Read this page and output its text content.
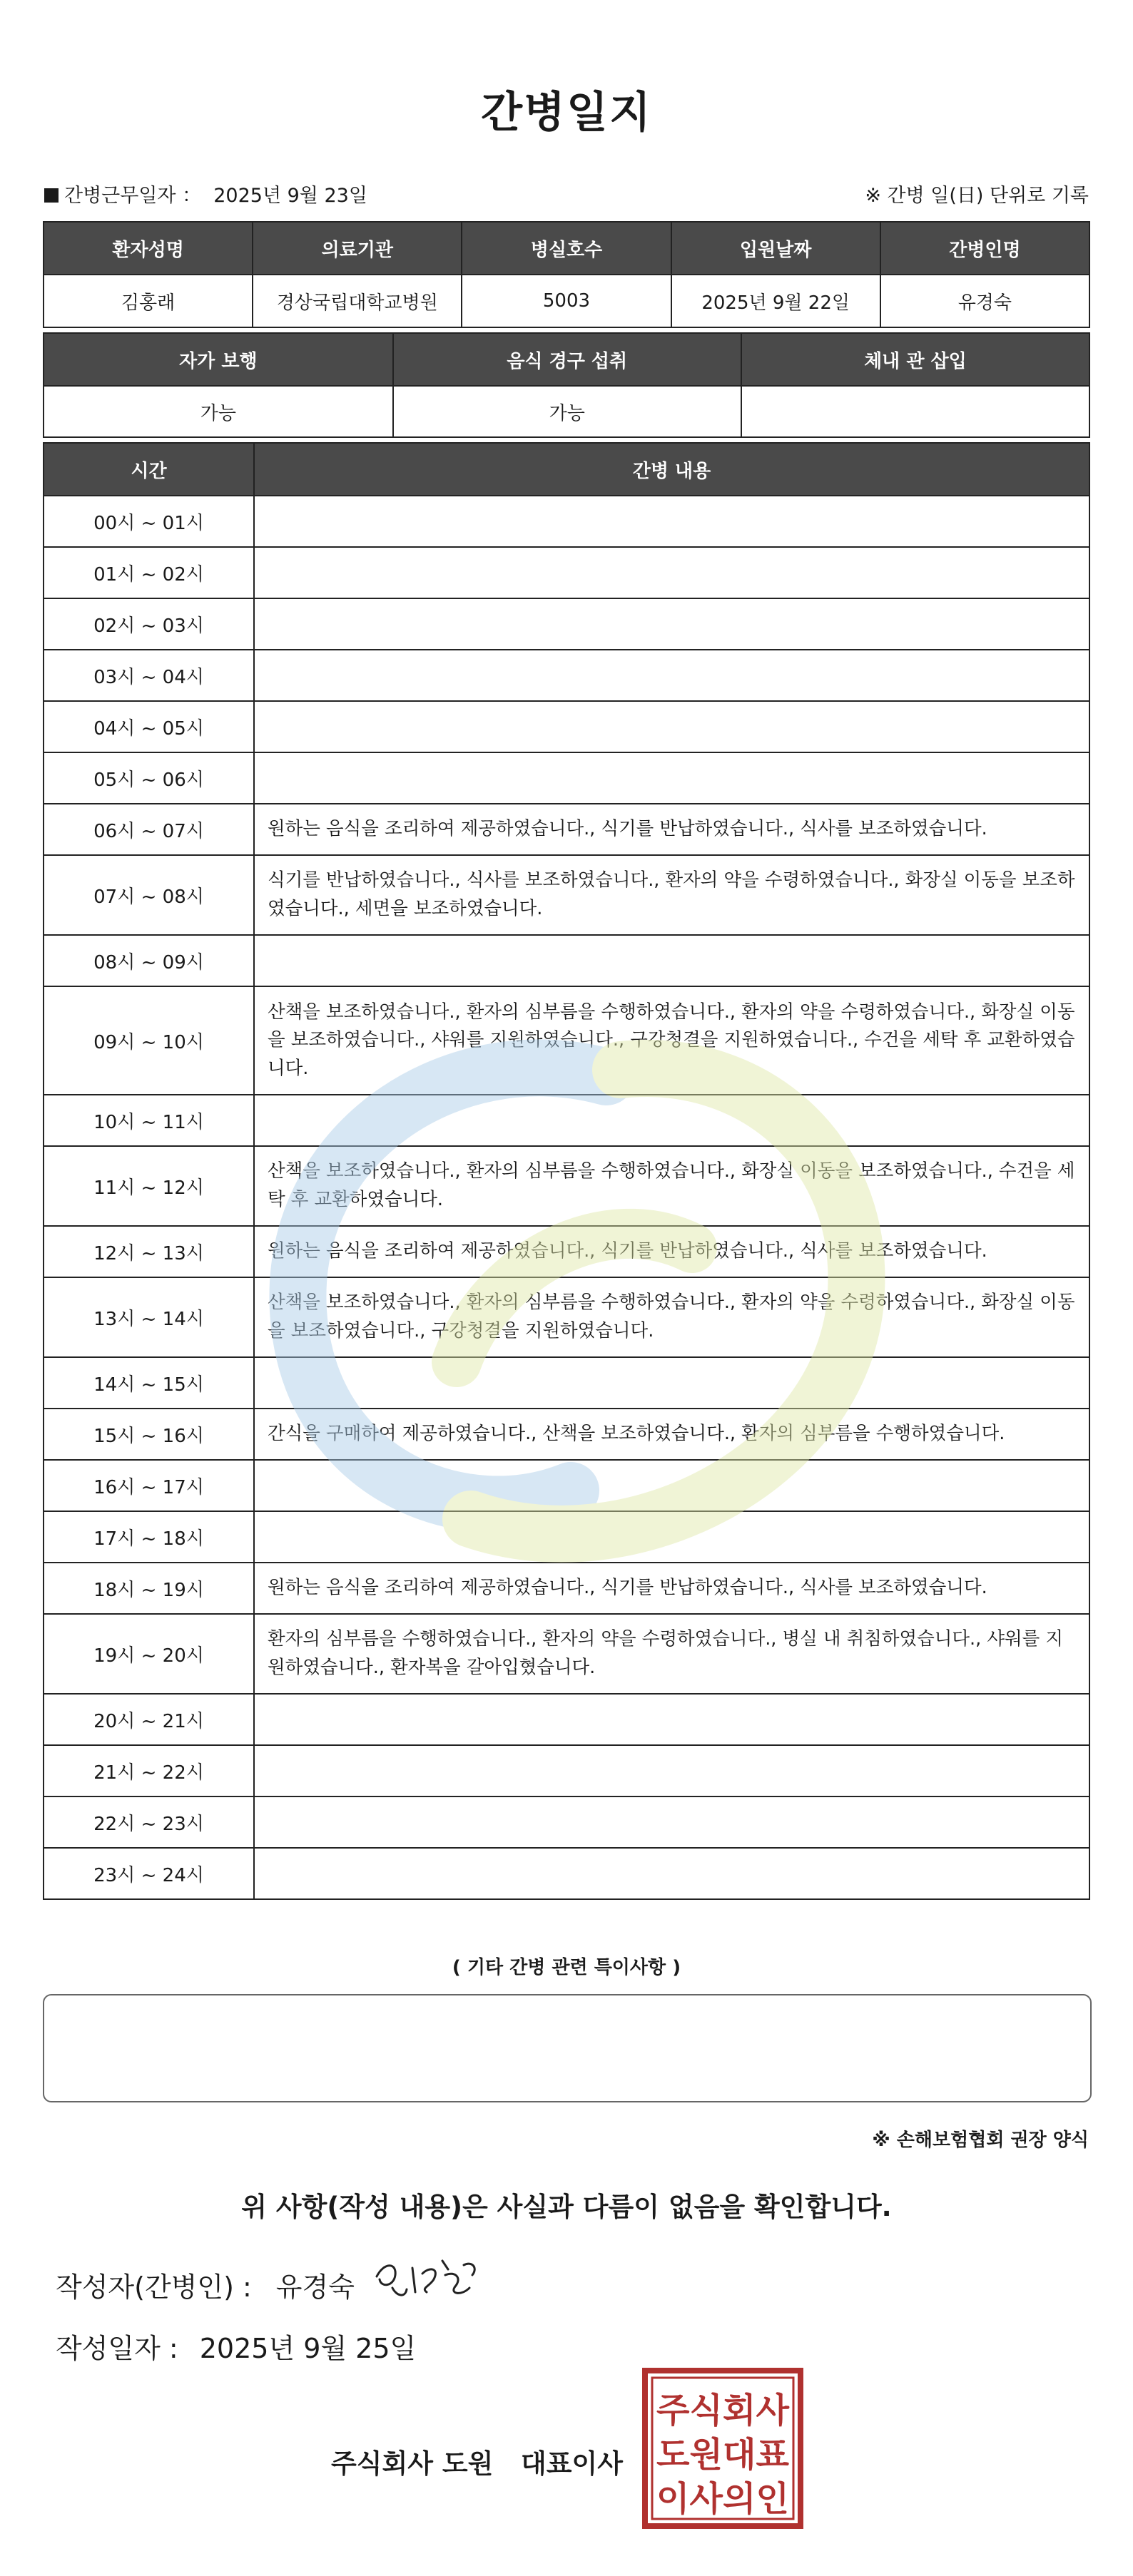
간병일지
간병근무일자 ： 2025년 9월 23일	※ 간병 일(日) 단위로 기록
환자성명	의료기관	병실호수	입원날짜	간병인명
김홍래	경상국립대학교병원	5003	2025년 9월 22일	유경숙
자가 보행	음식 경구 섭취	체내 관 삽입
가능	가능	
시간	간병 내용
00시 ~ 01시	
01시 ~ 02시	
02시 ~ 03시	
03시 ~ 04시	
04시 ~ 05시	
05시 ~ 06시	
06시 ~ 07시	원하는 음식을 조리하여 제공하였습니다., 식기를 반납하였습니다., 식사를 보조하였습니다.
07시 ~ 08시	식기를 반납하였습니다., 식사를 보조하였습니다., 환자의 약을 수령하였습니다., 화장실 이동을 보조하였습니다., 세면을 보조하였습니다.
08시 ~ 09시	
09시 ~ 10시	산책을 보조하였습니다., 환자의 심부름을 수행하였습니다., 환자의 약을 수령하였습니다., 화장실 이동을 보조하였습니다., 샤워를 지원하였습니다., 구강청결을 지원하였습니다., 수건을 세탁 후 교환하였습니다.
10시 ~ 11시	
11시 ~ 12시	산책을 보조하였습니다., 환자의 심부름을 수행하였습니다., 화장실 이동을 보조하였습니다., 수건을 세탁 후 교환하였습니다.
12시 ~ 13시	원하는 음식을 조리하여 제공하였습니다., 식기를 반납하였습니다., 식사를 보조하였습니다.
13시 ~ 14시	산책을 보조하였습니다., 환자의 심부름을 수행하였습니다., 환자의 약을 수령하였습니다., 화장실 이동을 보조하였습니다., 구강청결을 지원하였습니다.
14시 ~ 15시	
15시 ~ 16시	간식을 구매하여 제공하였습니다., 산책을 보조하였습니다., 환자의 심부름을 수행하였습니다.
16시 ~ 17시	
17시 ~ 18시	
18시 ~ 19시	원하는 음식을 조리하여 제공하였습니다., 식기를 반납하였습니다., 식사를 보조하였습니다.
19시 ~ 20시	환자의 심부름을 수행하였습니다., 환자의 약을 수령하였습니다., 병실 내 취침하였습니다., 샤워를 지원하였습니다., 환자복을 갈아입혔습니다.
20시 ~ 21시	
21시 ~ 22시	
22시 ~ 23시	
23시 ~ 24시	
( 기타 간병 관련 특이사항 )
※ 손해보험협회 권장 양식
위 사항(작성 내용)은 사실과 다름이 없음을 확인합니다.
작성자(간병인) : 유경숙
작성일자 : 2025년 9월 25일
주식회사 도원   대표이사
주식회사
도원대표
이사의인
